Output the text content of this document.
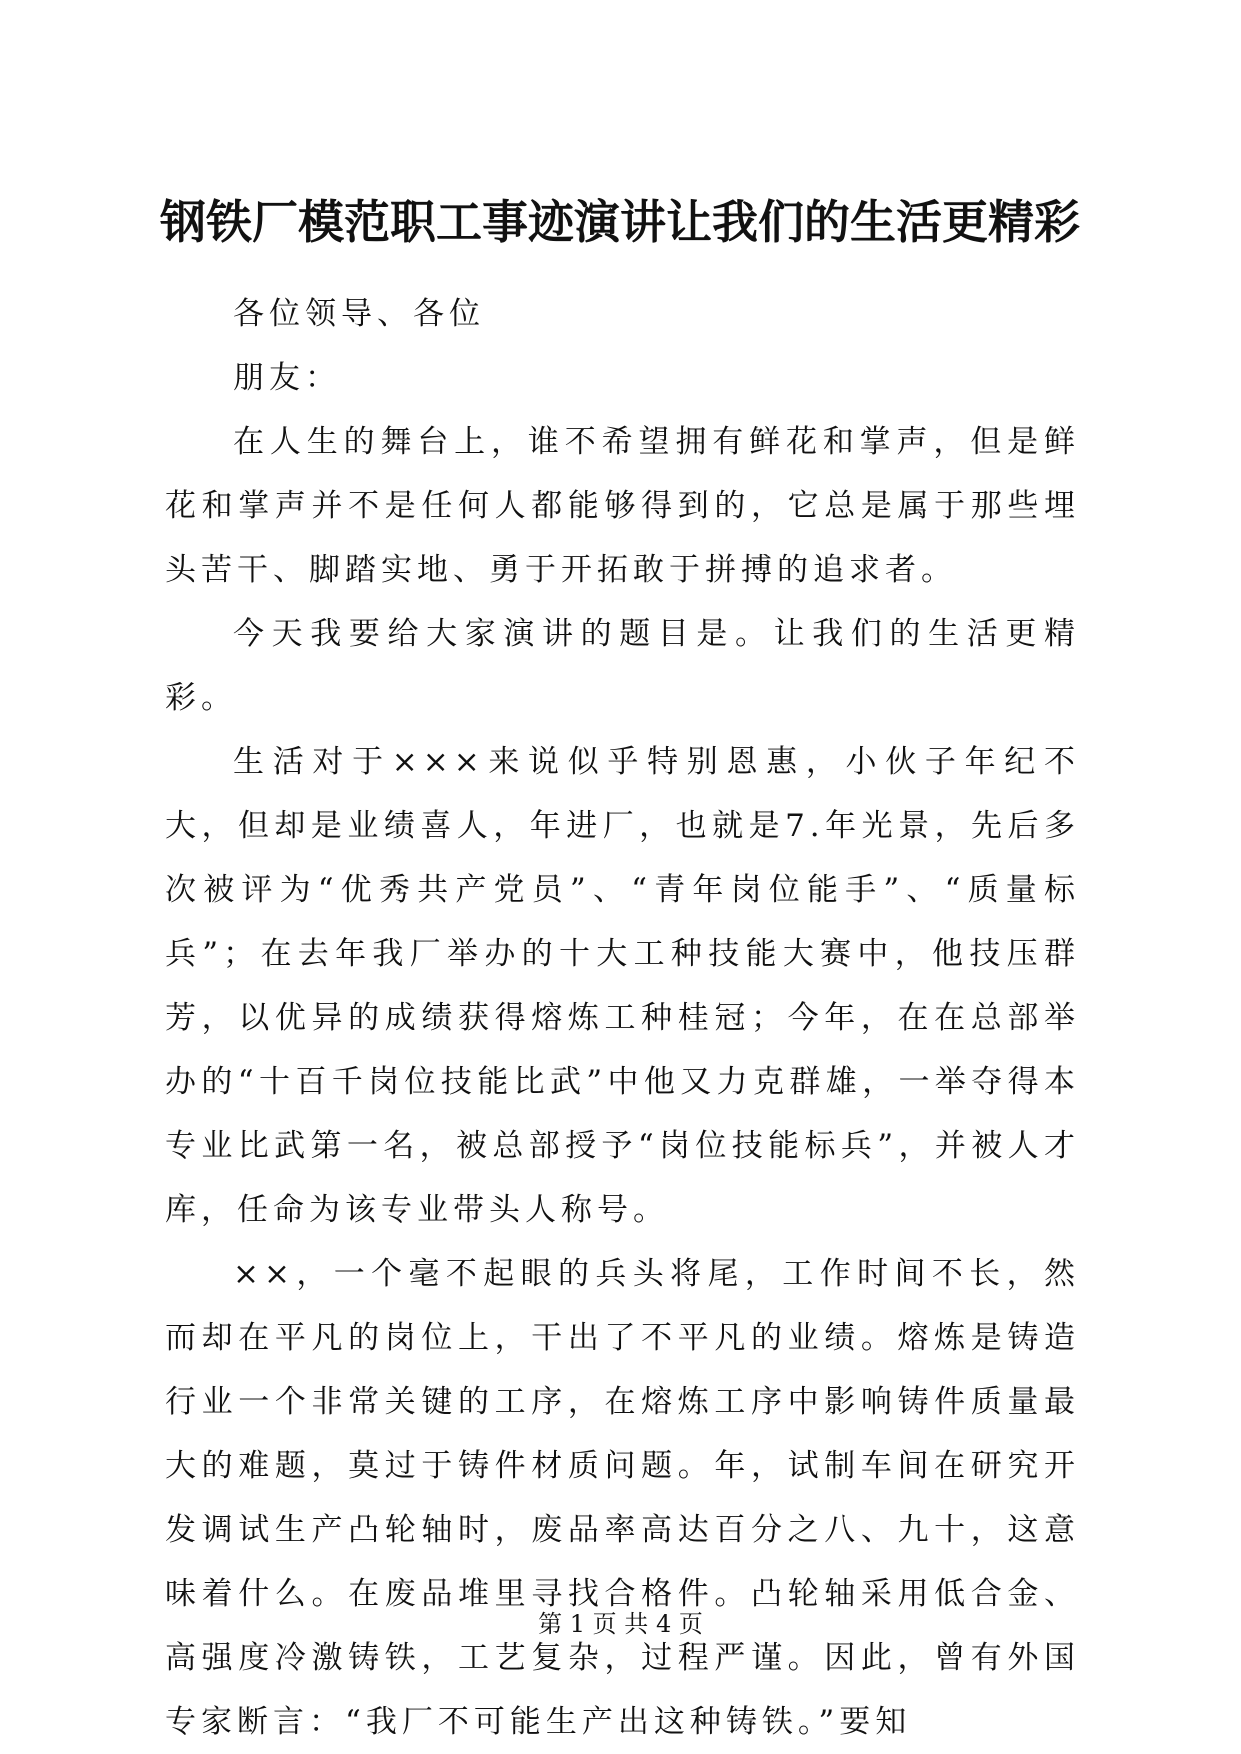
钢铁厂模范职工事迹演讲让我们的生活更精彩

各位领导、各位

朋友：

在人生的舞台上，谁不希望拥有鲜花和掌声，但是鲜花和掌声并不是任何人都能够得到的，它总是属于那些埋头苦干、脚踏实地、勇于开拓敢于拼搏的追求者。

今天我要给大家演讲的题目是。让我们的生活更精彩。

生活对于×××来说似乎特别恩惠，小伙子年纪不大，但却是业绩喜人，年进厂，也就是7.年光景，先后多次被评为“优秀共产党员”、“青年岗位能手”、“质量标兵”；在去年我厂举办的十大工种技能大赛中，他技压群芳，以优异的成绩获得熔炼工种桂冠；今年，在在总部举办的“十百千岗位技能比武”中他又力克群雄，一举夺得本专业比武第一名，被总部授予“岗位技能标兵”，并被人才库，任命为该专业带头人称号。

××，一个毫不起眼的兵头将尾，工作时间不长，然而却在平凡的岗位上，干出了不平凡的业绩。熔炼是铸造行业一个非常关键的工序，在熔炼工序中影响铸件质量最大的难题，莫过于铸件材质问题。年，试制车间在研究开发调试生产凸轮轴时，废品率高达百分之八、九十，这意味着什么。在废品堆里寻找合格件。凸轮轴采用低合金、高强度冷激铸铁，工艺复杂，过程严谨。因此，曾有外国专家断言：“我厂不可能生产出这种铸铁。”要知

第 1 页 共 4 页
